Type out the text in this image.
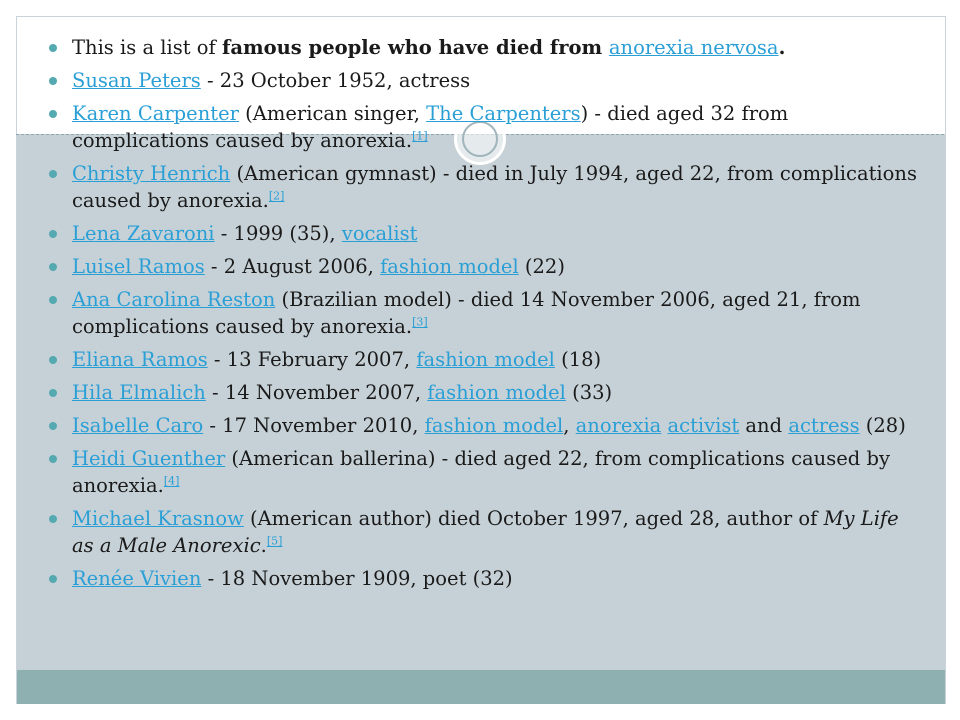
This is a list of famous people who have died from anorexia nervosa.
Susan Peters - 23 October 1952, actress
Karen Carpenter (American singer, The Carpenters) - died aged 32 from complications caused by anorexia.[1]
Christy Henrich (American gymnast) - died in July 1994, aged 22, from complications caused by anorexia.[2]
Lena Zavaroni - 1999 (35), vocalist
Luisel Ramos - 2 August 2006, fashion model (22)
Ana Carolina Reston (Brazilian model) - died 14 November 2006, aged 21, from complications caused by anorexia.[3]
Eliana Ramos - 13 February 2007, fashion model (18)
Hila Elmalich - 14 November 2007, fashion model (33)
Isabelle Caro - 17 November 2010, fashion model, anorexia activist and actress (28)
Heidi Guenther (American ballerina) - died aged 22, from complications caused by anorexia.[4]
Michael Krasnow (American author) died October 1997, aged 28, author of My Life as a Male Anorexic.[5]
Renée Vivien - 18 November 1909, poet (32)
